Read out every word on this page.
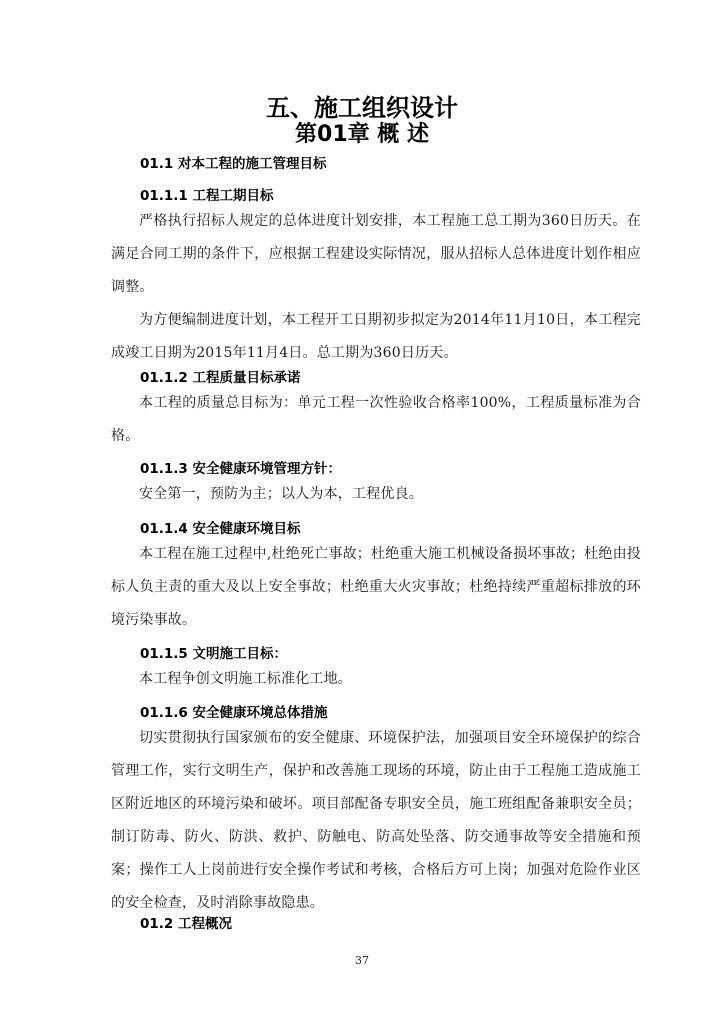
五、施工组织设计
第01章 概 述
01.1 对本工程的施工管理目标
01.1.1 工程工期目标
严格执行招标人规定的总体进度计划安排，本工程施工总工期为360日历天。在满足合同工期的条件下，应根据工程建设实际情况，服从招标人总体进度计划作相应调整。
为方便编制进度计划，本工程开工日期初步拟定为2014年11月10日，本工程完成竣工日期为2015年11月4日。总工期为360日历天。
01.1.2 工程质量目标承诺
本工程的质量总目标为：单元工程一次性验收合格率100%，工程质量标准为合格。
01.1.3 安全健康环境管理方针：
安全第一，预防为主；以人为本，工程优良。
01.1.4 安全健康环境目标
本工程在施工过程中,杜绝死亡事故；杜绝重大施工机械设备损坏事故；杜绝由投标人负主责的重大及以上安全事故；杜绝重大火灾事故；杜绝持续严重超标排放的环境污染事故。
01.1.5 文明施工目标：
本工程争创文明施工标准化工地。
01.1.6 安全健康环境总体措施
切实贯彻执行国家颁布的安全健康、环境保护法，加强项目安全环境保护的综合管理工作，实行文明生产，保护和改善施工现场的环境，防止由于工程施工造成施工区附近地区的环境污染和破坏。项目部配备专职安全员，施工班组配备兼职安全员；制订防毒、防火、防洪、救护、防触电、防高处坠落、防交通事故等安全措施和预案；操作工人上岗前进行安全操作考试和考核，合格后方可上岗；加强对危险作业区的安全检查，及时消除事故隐患。
01.2 工程概况
37
